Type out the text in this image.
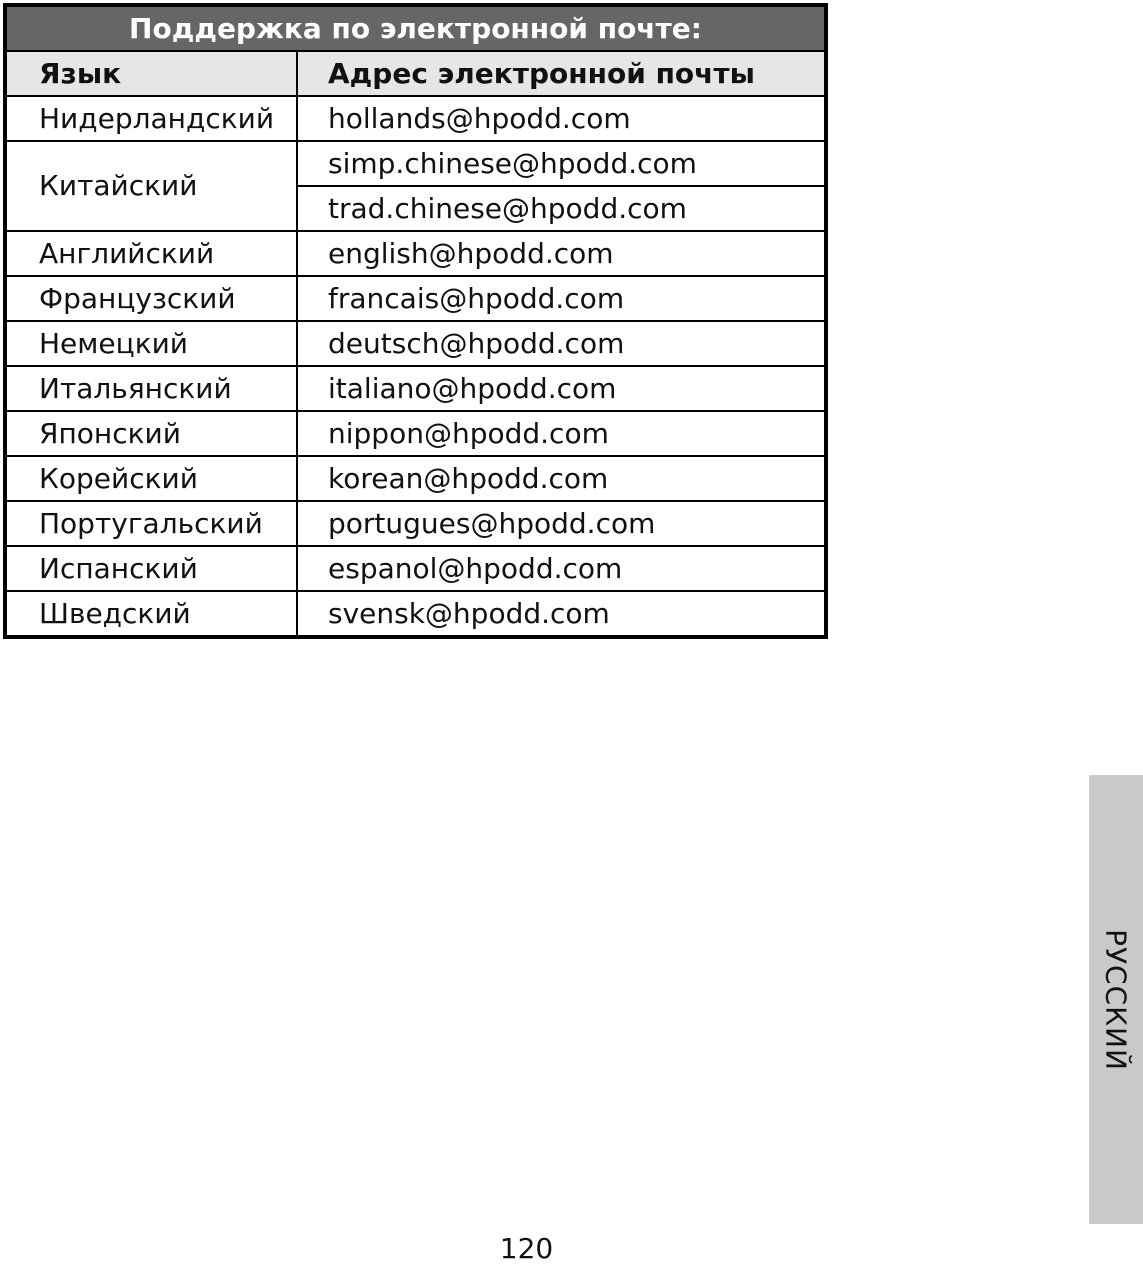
Поддержка по электронной почте:	
Язык	Адрес электронной почты
Нидерландский	hollands@hpodd.com
Китайский	simp.chinese@hpodd.com
	trad.chinese@hpodd.com
Английский	english@hpodd.com
Французский	francais@hpodd.com
Немецкий	deutsch@hpodd.com
Итальянский	italiano@hpodd.com
Японский	nippon@hpodd.com
Корейский	korean@hpodd.com
Португальский	portugues@hpodd.com
Испанский	espanol@hpodd.com
Шведский	svensk@hpodd.com
РУССКИЙ
120
